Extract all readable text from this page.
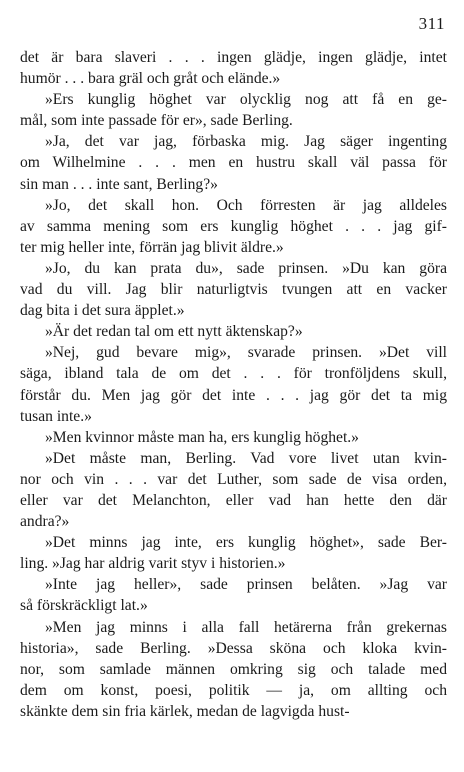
311
det är bara slaveri . . . ingen glädje, ingen glädje, intet
humör . . . bara gräl och gråt och elände.»
»Ers kunglig höghet var olycklig nog att få en ge-
mål, som inte passade för er», sade Berling.
»Ja, det var jag, förbaska mig. Jag säger ingenting
om Wilhelmine . . . men en hustru skall väl passa för
sin man . . . inte sant, Berling?»
»Jo, det skall hon. Och förresten är jag alldeles
av samma mening som ers kunglig höghet . . . jag gif-
ter mig heller inte, förrän jag blivit äldre.»
»Jo, du kan prata du», sade prinsen. »Du kan göra
vad du vill. Jag blir naturligtvis tvungen att en vacker
dag bita i det sura äpplet.»
»Är det redan tal om ett nytt äktenskap?»
»Nej, gud bevare mig», svarade prinsen. »Det vill
säga, ibland tala de om det . . . för tronföljdens skull,
förstår du. Men jag gör det inte . . . jag gör det ta mig
tusan inte.»
»Men kvinnor måste man ha, ers kunglig höghet.»
»Det måste man, Berling. Vad vore livet utan kvin-
nor och vin . . . var det Luther, som sade de visa orden,
eller var det Melanchton, eller vad han hette den där
andra?»
»Det minns jag inte, ers kunglig höghet», sade Ber-
ling. »Jag har aldrig varit styv i historien.»
»Inte jag heller», sade prinsen belåten. »Jag var
så förskräckligt lat.»
»Men jag minns i alla fall hetärerna från grekernas
historia», sade Berling. »Dessa sköna och kloka kvin-
nor, som samlade männen omkring sig och talade med
dem om konst, poesi, politik — ja, om allting och
skänkte dem sin fria kärlek, medan de lagvigda hust-
